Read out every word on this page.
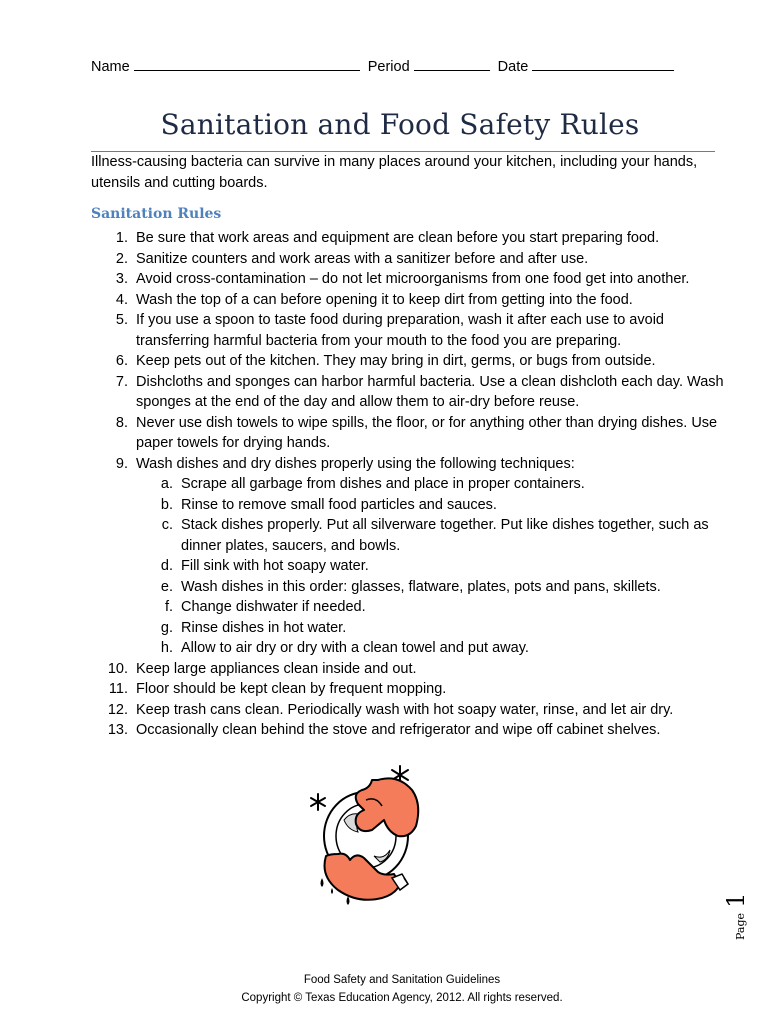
Name	Period	Date
Sanitation and Food Safety Rules
Illness-causing bacteria can survive in many places around your kitchen, including your hands, utensils and cutting boards.
Sanitation Rules
1. Be sure that work areas and equipment are clean before you start preparing food.
2. Sanitize counters and work areas with a sanitizer before and after use.
3. Avoid cross-contamination – do not let microorganisms from one food get into another.
4. Wash the top of a can before opening it to keep dirt from getting into the food.
5. If you use a spoon to taste food during preparation, wash it after each use to avoid transferring harmful bacteria from your mouth to the food you are preparing.
6. Keep pets out of the kitchen. They may bring in dirt, germs, or bugs from outside.
7. Dishcloths and sponges can harbor harmful bacteria. Use a clean dishcloth each day. Wash sponges at the end of the day and allow them to air-dry before reuse.
8. Never use dish towels to wipe spills, the floor, or for anything other than drying dishes. Use paper towels for drying hands.
9. Wash dishes and dry dishes properly using the following techniques:
a. Scrape all garbage from dishes and place in proper containers.
b. Rinse to remove small food particles and sauces.
c. Stack dishes properly. Put all silverware together. Put like dishes together, such as dinner plates, saucers, and bowls.
d. Fill sink with hot soapy water.
e. Wash dishes in this order: glasses, flatware, plates, pots and pans, skillets.
f. Change dishwater if needed.
g. Rinse dishes in hot water.
h. Allow to air dry or dry with a clean towel and put away.
10. Keep large appliances clean inside and out.
11. Floor should be kept clean by frequent mopping.
12. Keep trash cans clean. Periodically wash with hot soapy water, rinse, and let air dry.
13. Occasionally clean behind the stove and refrigerator and wipe off cabinet shelves.
Page 1
Food Safety and Sanitation Guidelines
Copyright © Texas Education Agency, 2012. All rights reserved.
